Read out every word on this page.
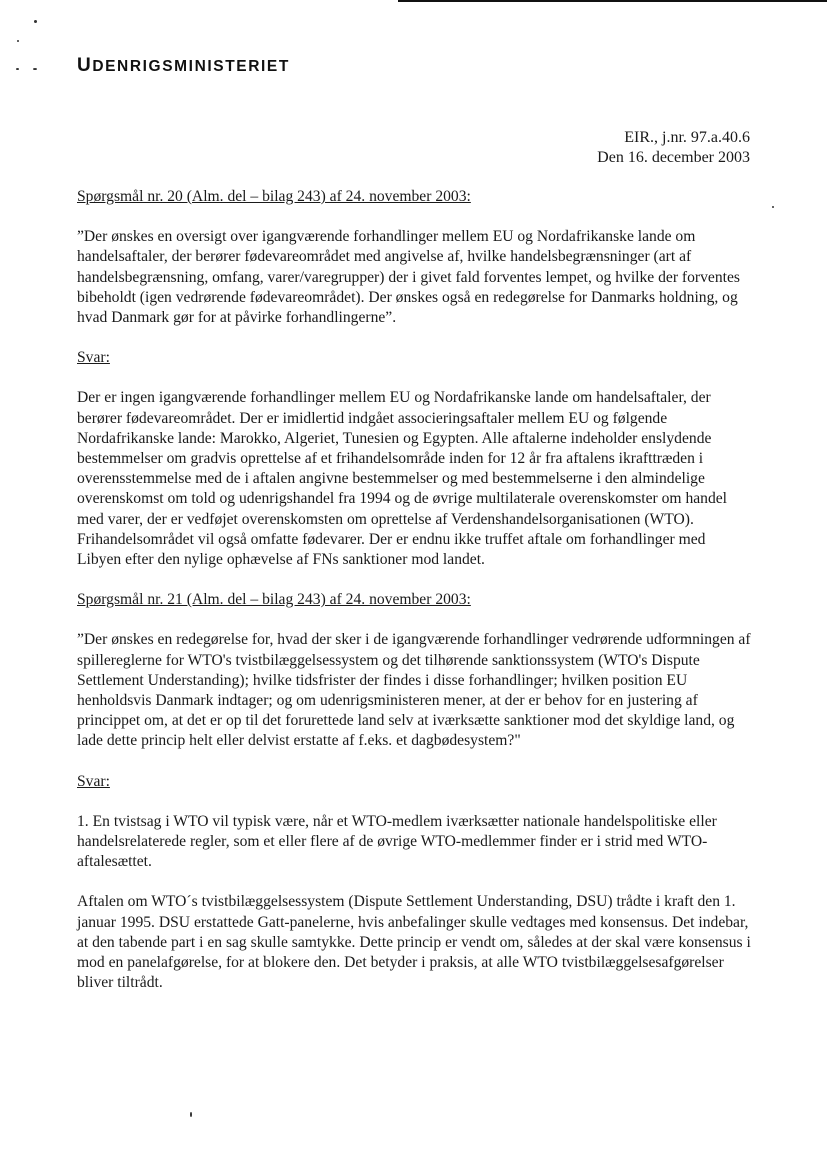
UDENRIGSMINISTERIET
EIR., j.nr. 97.a.40.6
Den 16. december 2003

Spørgsmål nr. 20 (Alm. del – bilag 243) af 24. november 2003:

”Der ønskes en oversigt over igangværende forhandlinger mellem EU og Nordafrikanske lande om handelsaftaler, der berører fødevareområdet med angivelse af, hvilke handelsbegrænsninger (art af handelsbegrænsning, omfang, varer/varegrupper) der i givet fald forventes lempet, og hvilke der forventes bibeholdt (igen vedrørende fødevareområdet). Der ønskes også en redegørelse for Danmarks holdning, og hvad Danmark gør for at påvirke forhandlingerne”.

Svar:

Der er ingen igangværende forhandlinger mellem EU og Nordafrikanske lande om handelsaftaler, der berører fødevareområdet. Der er imidlertid indgået associeringsaftaler mellem EU og følgende Nordafrikanske lande: Marokko, Algeriet, Tunesien og Egypten. Alle aftalerne indeholder enslydende bestemmelser om gradvis oprettelse af et frihandelsområde inden for 12 år fra aftalens ikrafttræden i overensstemmelse med de i aftalen angivne bestemmelser og med bestemmelserne i den almindelige overenskomst om told og udenrigshandel fra 1994 og de øvrige multilaterale overenskomster om handel med varer, der er vedføjet overenskomsten om oprettelse af Verdenshandelsorganisationen (WTO). Frihandelsområdet vil også omfatte fødevarer. Der er endnu ikke truffet aftale om forhandlinger med Libyen efter den nylige ophævelse af FNs sanktioner mod landet.

Spørgsmål nr. 21 (Alm. del – bilag 243) af 24. november 2003:

”Der ønskes en redegørelse for, hvad der sker i de igangværende forhandlinger vedrørende udformningen af spillereglerne for WTO's tvistbilæggelsessystem og det tilhørende sanktionssystem (WTO's Dispute Settlement Understanding); hvilke tidsfrister der findes i disse forhandlinger; hvilken position EU henholdsvis Danmark indtager; og om udenrigsministeren mener, at der er behov for en justering af princippet om, at det er op til det forurettede land selv at iværksætte sanktioner mod det skyldige land, og lade dette princip helt eller delvist erstatte af f.eks. et dagbødesystem?"

Svar:

1. En tvistsag i WTO vil typisk være, når et WTO-medlem iværksætter nationale handelspolitiske eller handelsrelaterede regler, som et eller flere af de øvrige WTO-medlemmer finder er i strid med WTO-aftalesættet.

Aftalen om WTO´s tvistbilæggelsessystem (Dispute Settlement Understanding, DSU) trådte i kraft den 1. januar 1995. DSU erstattede Gatt-panelerne, hvis anbefalinger skulle vedtages med konsensus. Det indebar, at den tabende part i en sag skulle samtykke. Dette princip er vendt om, således at der skal være konsensus i mod en panelafgørelse, for at blokere den. Det betyder i praksis, at alle WTO tvistbilæggelsesafgørelser bliver tiltrådt.
